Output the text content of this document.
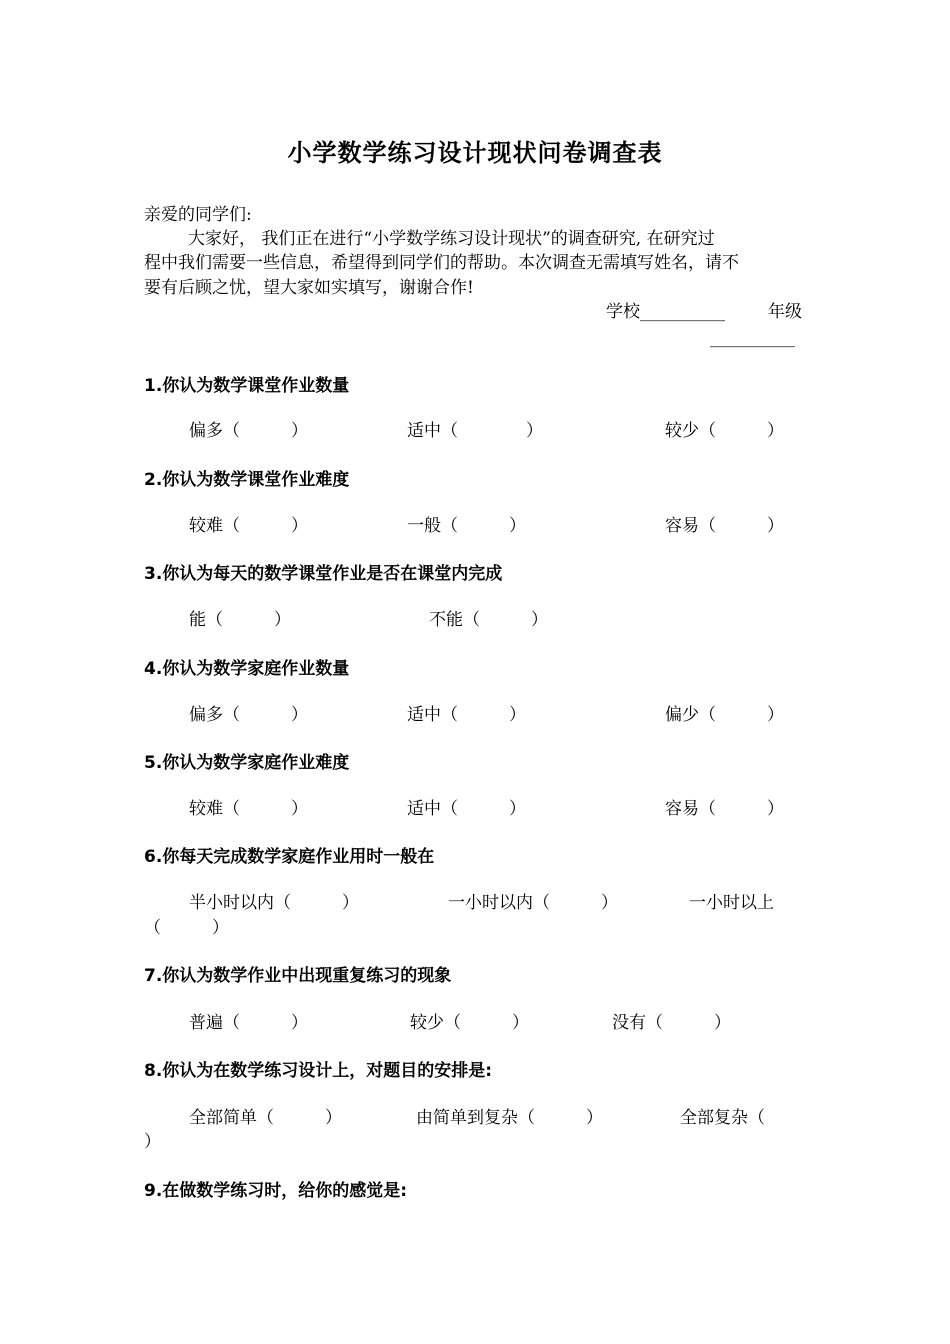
小学数学练习设计现状问卷调查表
亲爱的同学们:
大家好， 我们正在进行“小学数学练习设计现状”的调查研究, 在研究过
程中我们需要一些信息，希望得到同学们的帮助。本次调查无需填写姓名，请不
要有后顾之忧，望大家如实填写，谢谢合作!
学校__________	年级
__________
1.你认为数学课堂作业数量
偏多（　　　）	适中（　　　　）	较少（　　　）
2.你认为数学课堂作业难度
较难（　　　）	一般（　　　）	容易（　　　）
3.你认为每天的数学课堂作业是否在课堂内完成
能（　　　）	不能（　　　）
4.你认为数学家庭作业数量
偏多（　　　）	适中（　　　）	偏少（　　　）
5.你认为数学家庭作业难度
较难（　　　）	适中（　　　）	容易（　　　）
6.你每天完成数学家庭作业用时一般在
半小时以内（　　　）	一小时以内（　　　）	一小时以上
（　　　）
7.你认为数学作业中出现重复练习的现象
普遍（　　　）	较少（　　　）	没有（　　　）
8.你认为在数学练习设计上，对题目的安排是:
全部简单（　　　）	由简单到复杂（　　　）	全部复杂（
）
9.在做数学练习时，给你的感觉是:
